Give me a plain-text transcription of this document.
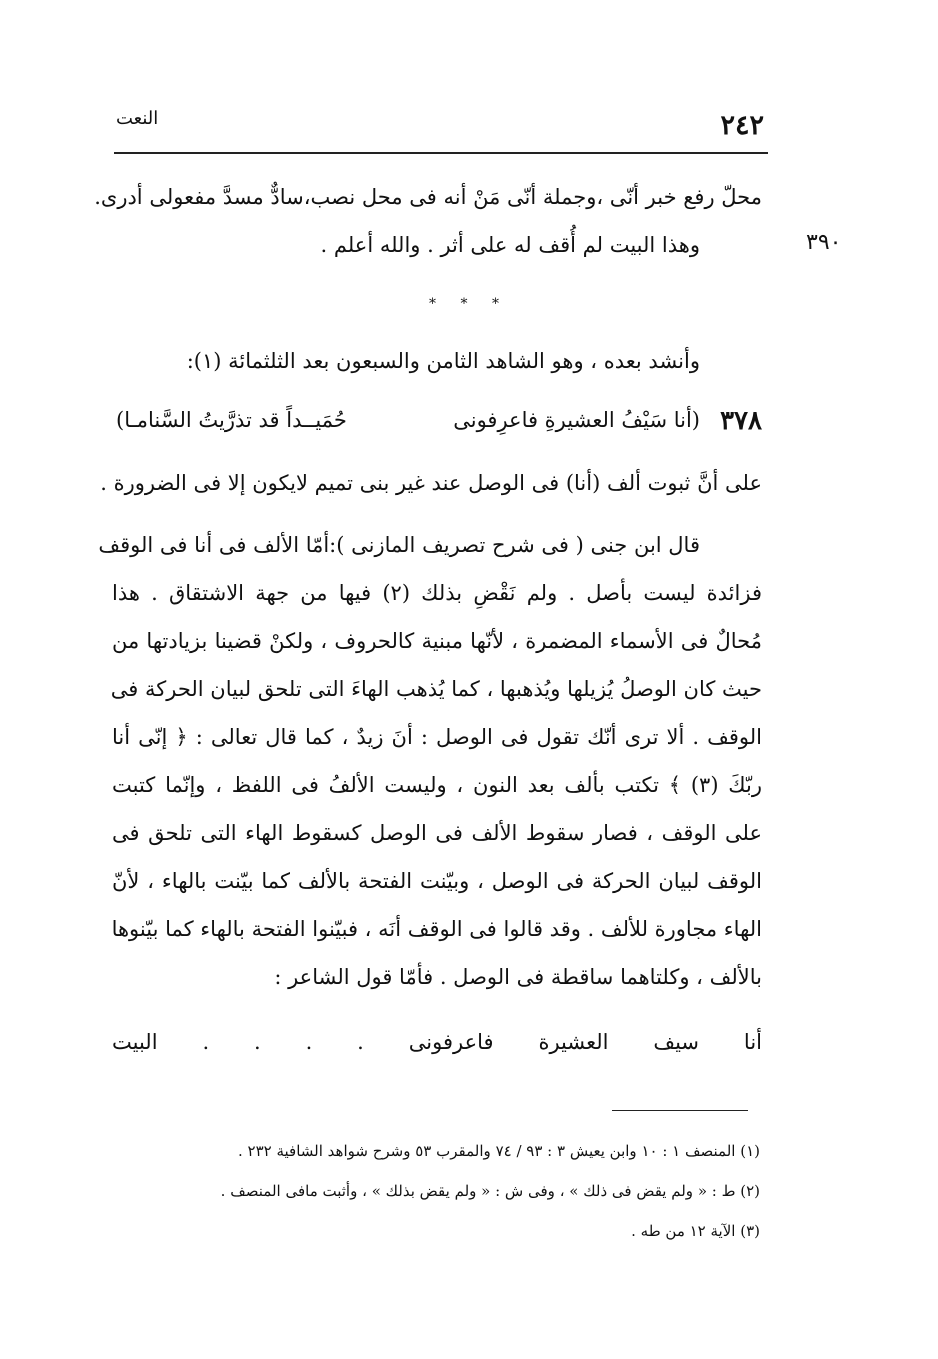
٢٤٢
النعت
محلّ رفع خبر أنّى ،وجملة أنّى مَنْ أنه فى محل نصب،سادٌّ مسدَّ مفعولى أدرى.
وهذا البيت لم أُقف له على أثر . والله أعلم .	٣٩٠
* * *
وأنشد بعده ، وهو الشاهد الثامن والسبعون بعد الثلثمائة (١):
٣٧٨
(أنا سَيْفُ العشيرةِ فاعرِفونى
حُمَيــداً قد تذرَّيتُ السَّنامـا)
على أنَّ ثبوت ألف (أنا) فى الوصل عند غير بنى تميم لايكون إلا فى الضرورة .
قال ابن جنى ( فى شرح تصريف المازنى ):أمّا الألف فى أنا فى الوقف
فزائدة ليست بأصل . ولم نَقْضِ بذلك (٢) فيها من جهة الاشتقاق . هذا
مُحالٌ فى الأسماء المضمرة ، لأنّها مبنية كالحروف ، ولكنْ قضينا بزيادتها من
حيث كان الوصلُ يُزيلها ويُذهبها ، كما يُذهب الهاءَ التى تلحق لبيان الحركة فى
الوقف . ألا ترى أنّك تقول فى الوصل : أنَ زيدٌ ، كما قال تعالى : ﴿ إنّى أنا
ربّكَ (٣) ﴾ تكتب بألف بعد النون ، وليست الألفُ فى اللفظ ، وإنّما كتبت
على الوقف ، فصار سقوط الألف فى الوصل كسقوط الهاء التى تلحق فى
الوقف لبيان الحركة فى الوصل ، وبيّنت الفتحة بالألف كما بيّنت بالهاء ، لأنّ
الهاء مجاورة للألف . وقد قالوا فى الوقف أنَه ، فبيّنوا الفتحة بالهاء كما بيّنوها
بالألف ، وكلتاهما ساقطة فى الوصل . فأمّا قول الشاعر :
أنا
سيف
العشيرة
فاعرفونى
.
.
.
.
البيت
(١) المنصف ١ : ١٠ وابن يعيش ٣ : ٩٣ / ٧٤ والمقرب ٥٣ وشرح شواهد الشافية ٢٣٢ .
(٢) ط : « ولم يقض فى ذلك » ، وفى ش : « ولم يقض بذلك » ، وأثبت مافى المنصف .
(٣) الآية ١٢ من طه .
